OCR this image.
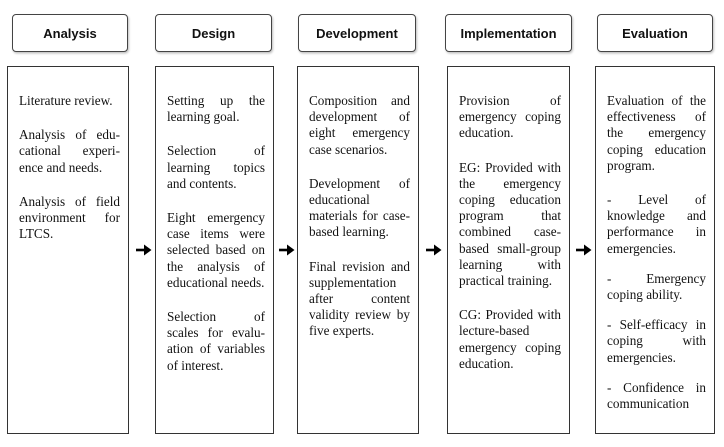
Analysis	Design	Development	Implementation	Evaluation

Literature review.

Analysis of educational experience and needs.

Analysis of field environment for LTCS.

Setting up the learning goal.

Selection of learning topics and contents.

Eight emergency case items were selected based on the analysis of educational needs.

Selection of scales for evaluation of variables of interest.

Composition and development of eight emergency case scenarios.

Development of educational materials for case-based learning.

Final revision and supplementation after content validity review by five experts.

Provision of emergency coping education.

EG: Provided with the emergency coping education program that combined case-based small-group learning with practical training.

CG: Provided with lecture-based emergency coping education.

Evaluation of the effectiveness of the emergency coping education program.

- Level of knowledge and performance in emergencies.

- Emergency coping ability.

- Self-efficacy in coping with emergencies.

- Confidence in communication
